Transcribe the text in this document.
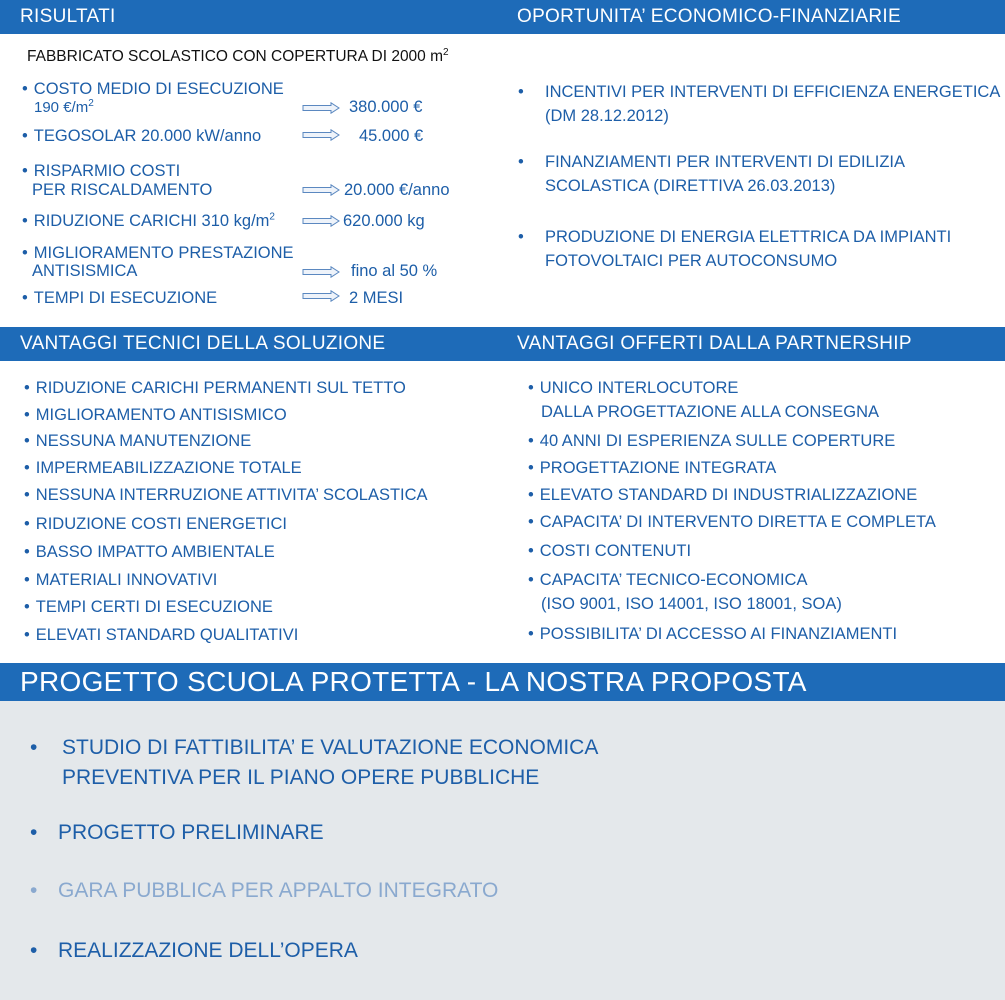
RISULTATI	OPORTUNITA’ ECONOMICO-FINANZIARIE
FABBRICATO SCOLASTICO CON COPERTURA DI 2000 $m^2$
• COSTO MEDIO DI ESECUZIONE
190 $€/m^2$	380.000 €
• TEGOSOLAR 20.000 kW/anno	45.000 €
• RISPARMIO COSTI
PER RISCALDAMENTO	20.000 €/anno
• RIDUZIONE CARICHI 310 $kg/m^2$	620.000 kg
• MIGLIORAMENTO PRESTAZIONE
ANTISISMICA	fino al 50 %
• TEMPI DI ESECUZIONE	2 MESI
• INCENTIVI PER INTERVENTI DI EFFICIENZA ENERGETICA
(DM 28.12.2012)
• FINANZIAMENTI PER INTERVENTI DI EDILIZIA
SCOLASTICA (DIRETTIVA 26.03.2013)
• PRODUZIONE DI ENERGIA ELETTRICA DA IMPIANTI
FOTOVOLTAICI PER AUTOCONSUMO
VANTAGGI TECNICI DELLA SOLUZIONE	VANTAGGI OFFERTI DALLA PARTNERSHIP
• RIDUZIONE CARICHI PERMANENTI SUL TETTO
• MIGLIORAMENTO ANTISISMICO
• NESSUNA MANUTENZIONE
• IMPERMEABILIZZAZIONE TOTALE
• NESSUNA INTERRUZIONE ATTIVITA’ SCOLASTICA
• RIDUZIONE COSTI ENERGETICI
• BASSO IMPATTO AMBIENTALE
• MATERIALI INNOVATIVI
• TEMPI CERTI DI ESECUZIONE
• ELEVATI STANDARD QUALITATIVI
• UNICO INTERLOCUTORE
DALLA PROGETTAZIONE ALLA CONSEGNA
• 40 ANNI DI ESPERIENZA SULLE COPERTURE
• PROGETTAZIONE INTEGRATA
• ELEVATO STANDARD DI INDUSTRIALIZZAZIONE
• CAPACITA’ DI INTERVENTO DIRETTA E COMPLETA
• COSTI CONTENUTI
• CAPACITA’ TECNICO-ECONOMICA
(ISO 9001, ISO 14001, ISO 18001, SOA)
• POSSIBILITA’ DI ACCESSO AI FINANZIAMENTI
PROGETTO SCUOLA PROTETTA - LA NOSTRA PROPOSTA
• STUDIO DI FATTIBILITA’ E VALUTAZIONE ECONOMICA
PREVENTIVA PER IL PIANO OPERE PUBBLICHE
• PROGETTO PRELIMINARE
• GARA PUBBLICA PER APPALTO INTEGRATO
• REALIZZAZIONE DELL’OPERA
